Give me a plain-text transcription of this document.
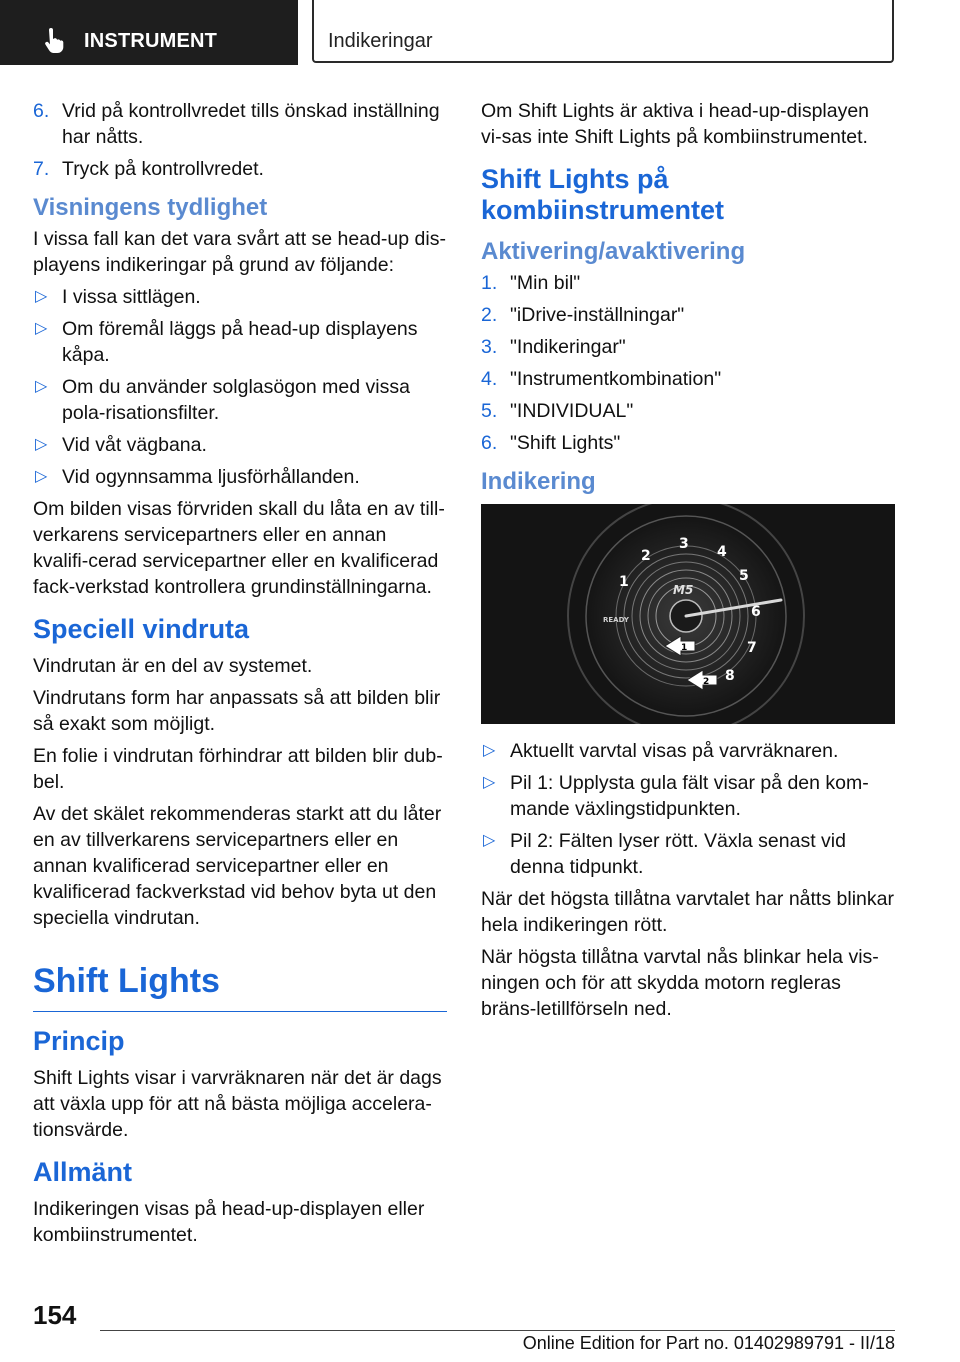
INSTRUMENT	Indikeringar
6. Vrid på kontrollvredet tills önskad inställning har nåtts.
7. Tryck på kontrollvredet.
Visningens tydlighet

I vissa fall kan det vara svårt att se head-up dis-playens indikeringar på grund av följande:

▷ I vissa sittlägen.
▷ Om föremål läggs på head-up displayens kåpa.
▷ Om du använder solglasögon med vissa pola-risationsfilter.
▷ Vid våt vägbana.
▷ Vid ogynnsamma ljusförhållanden.

Om bilden visas förvriden skall du låta en av till-verkarens servicepartners eller en annan kvalifi-cerad servicepartner eller en kvalificerad fack-verkstad kontrollera grundinställningarna.

Speciell vindruta

Vindrutan är en del av systemet.

Vindrutans form har anpassats så att bilden blir så exakt som möjligt.

En folie i vindrutan förhindrar att bilden blir dub-bel.

Av det skälet rekommenderas starkt att du låter en av tillverkarens servicepartners eller en annan kvalificerad servicepartner eller en kvalificerad fackverkstad vid behov byta ut den speciella vindrutan.

Shift Lights
Princip

Shift Lights visar i varvräknaren när det är dags att växla upp för att nå bästa möjliga accelera-tionsvärde.

Allmänt

Indikeringen visas på head-up-displayen eller kombiinstrumentet.

Om Shift Lights är aktiva i head-up-displayen vi-sas inte Shift Lights på kombiinstrumentet.

Shift Lights på kombiinstrumentet
Aktivering/avaktivering
1. "Min bil"
2. "iDrive-inställningar"
3. "Indikeringar"
4. "Instrumentkombination"
5. "INDIVIDUAL"
6. "Shift Lights"
Indikering
1
2
3 4
5
6
7
8
M5
READY
1
2
▷ Aktuellt varvtal visas på varvräknaren.
▷ Pil 1: Upplysta gula fält visar på den kom-mande växlingstidpunkten.
▷ Pil 2: Fälten lyser rött. Växla senast vid denna tidpunkt.

När det högsta tillåtna varvtalet har nåtts blinkar hela indikeringen rött.

När högsta tillåtna varvtal nås blinkar hela vis-ningen och för att skydda motorn regleras bräns-letillförseln ned.

154
Online Edition for Part no. 01402989791 - II/18
